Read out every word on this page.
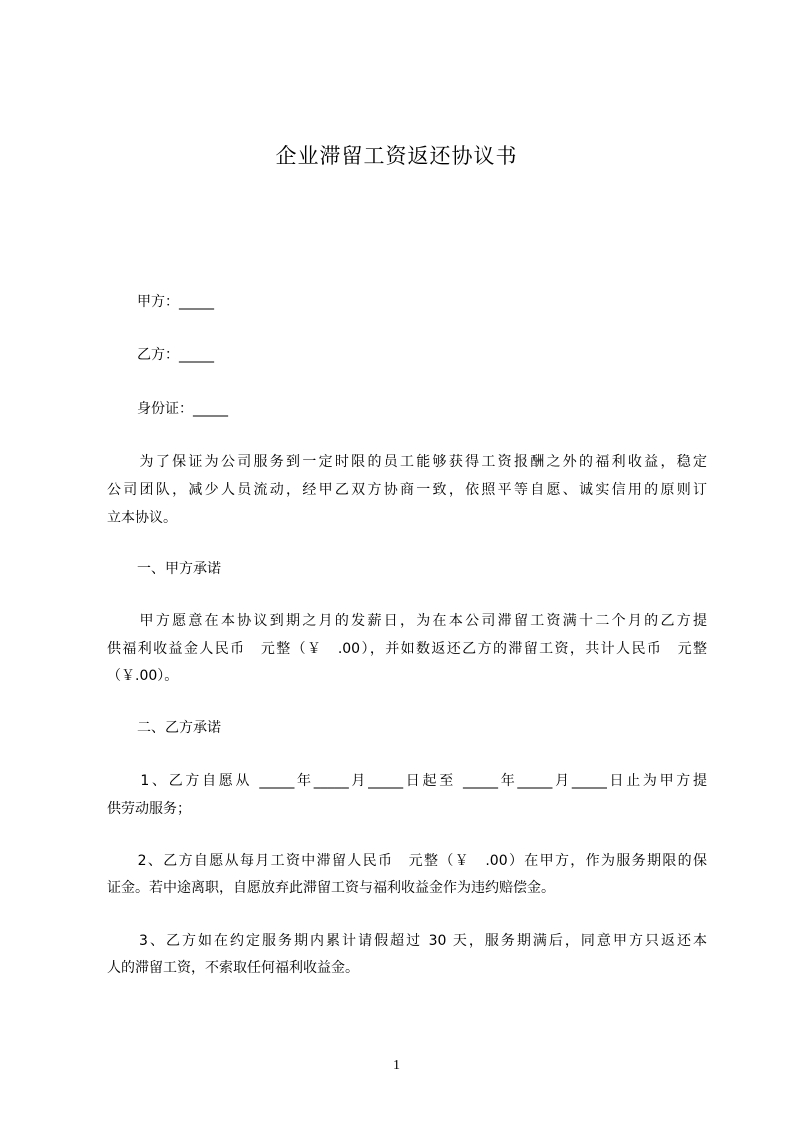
企业滞留工资返还协议书
甲方：_____
乙方：_____
身份证：_____
　　为了保证为公司服务到一定时限的员工能够获得工资报酬之外的福利收益，稳定
公司团队，减少人员流动，经甲乙双方协商一致，依照平等自愿、诚实信用的原则订
立本协议。
一、甲方承诺
　　甲方愿意在本协议到期之月的发薪日，为在本公司滞留工资满十二个月的乙方提
供福利收益金人民币　元整（￥　.00），并如数返还乙方的滞留工资，共计人民币　元整
（￥.00）。
二、乙方承诺
　　1、乙方自愿从 _____年_____月_____日起至 _____年_____月_____日止为甲方提
供劳动服务；
　　2、乙方自愿从每月工资中滞留人民币　元整（￥　.00）在甲方，作为服务期限的保
证金。若中途离职，自愿放弃此滞留工资与福利收益金作为违约赔偿金。
　　3、乙方如在约定服务期内累计请假超过 30 天，服务期满后，同意甲方只返还本
人的滞留工资，不索取任何福利收益金。
1
